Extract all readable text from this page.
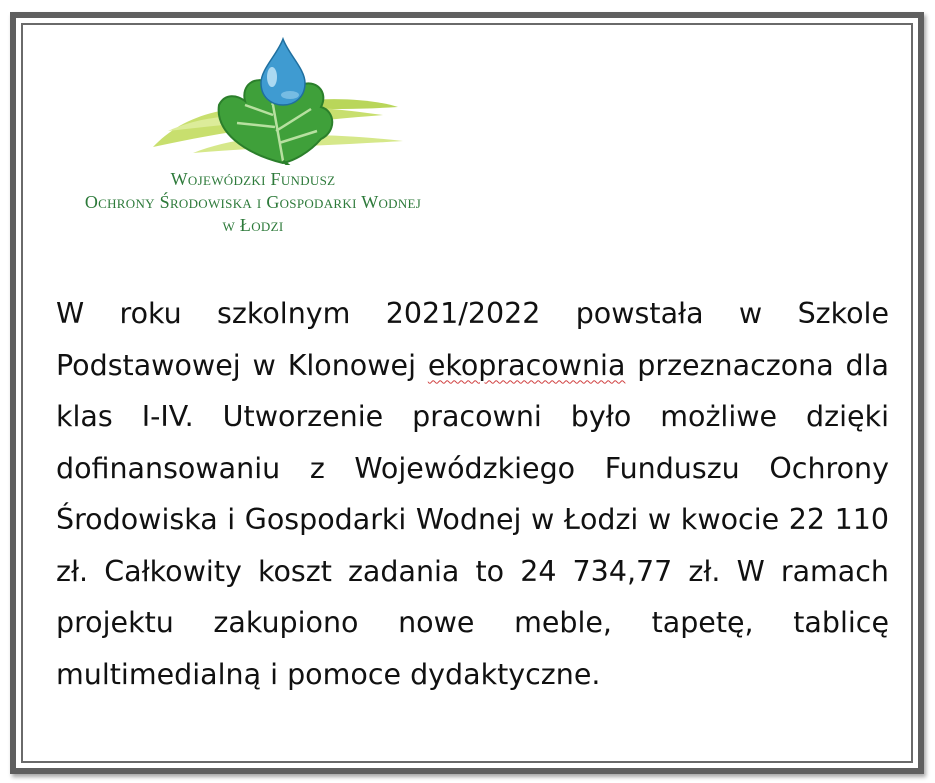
Wojewódzki Fundusz
Ochrony Środowiska i Gospodarki Wodnej
w Łodzi
W roku szkolnym 2021/2022 powstała w Szkole Podstawowej w Klonowej ekopracownia przeznaczona dla klas I-IV. Utworzenie pracowni było możliwe dzięki dofinansowaniu z Wojewódzkiego Funduszu Ochrony Środowiska i Gospodarki Wodnej w Łodzi w kwocie 22 110 zł. Całkowity koszt zadania to 24 734,77 zł. W ramach projektu zakupiono nowe meble, tapetę, tablicę multimedialną i pomoce dydaktyczne.
